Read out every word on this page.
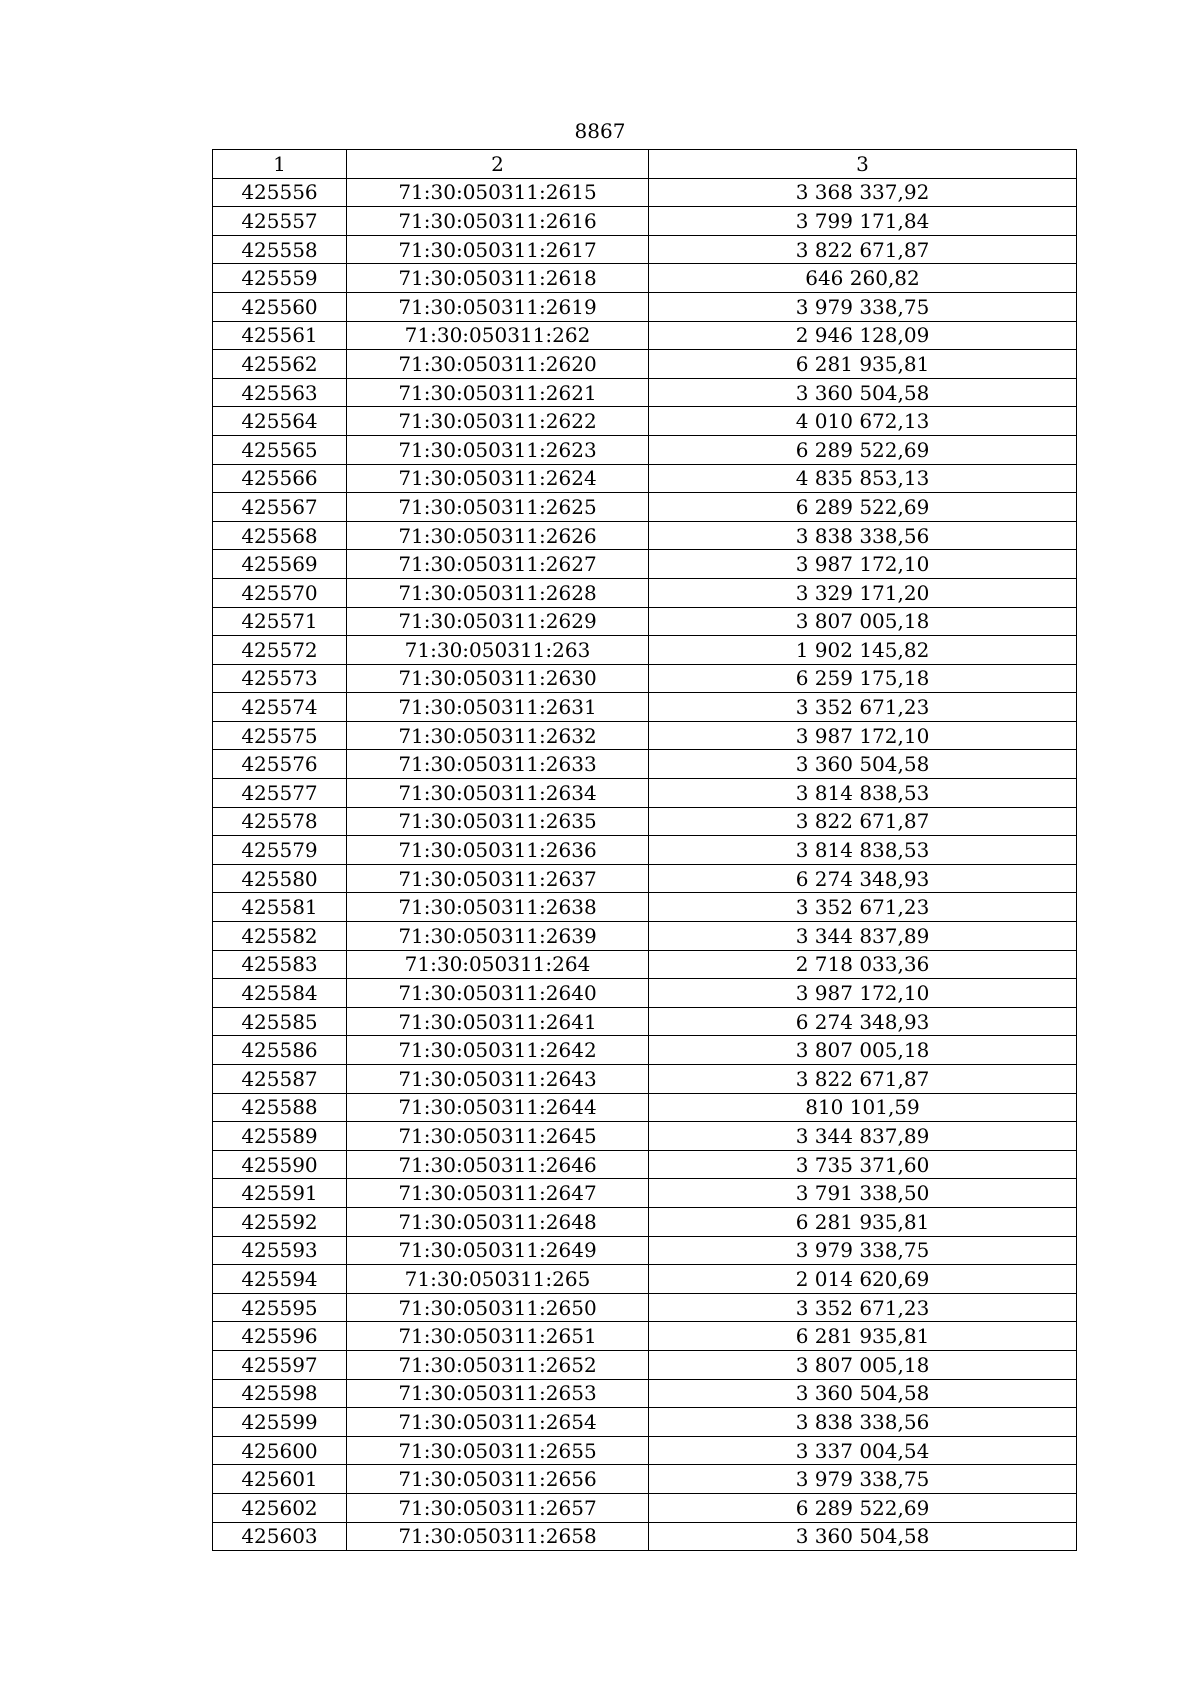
8867
1	2	3
425556	71:30:050311:2615	3 368 337,92
425557	71:30:050311:2616	3 799 171,84
425558	71:30:050311:2617	3 822 671,87
425559	71:30:050311:2618	646 260,82
425560	71:30:050311:2619	3 979 338,75
425561	71:30:050311:262	2 946 128,09
425562	71:30:050311:2620	6 281 935,81
425563	71:30:050311:2621	3 360 504,58
425564	71:30:050311:2622	4 010 672,13
425565	71:30:050311:2623	6 289 522,69
425566	71:30:050311:2624	4 835 853,13
425567	71:30:050311:2625	6 289 522,69
425568	71:30:050311:2626	3 838 338,56
425569	71:30:050311:2627	3 987 172,10
425570	71:30:050311:2628	3 329 171,20
425571	71:30:050311:2629	3 807 005,18
425572	71:30:050311:263	1 902 145,82
425573	71:30:050311:2630	6 259 175,18
425574	71:30:050311:2631	3 352 671,23
425575	71:30:050311:2632	3 987 172,10
425576	71:30:050311:2633	3 360 504,58
425577	71:30:050311:2634	3 814 838,53
425578	71:30:050311:2635	3 822 671,87
425579	71:30:050311:2636	3 814 838,53
425580	71:30:050311:2637	6 274 348,93
425581	71:30:050311:2638	3 352 671,23
425582	71:30:050311:2639	3 344 837,89
425583	71:30:050311:264	2 718 033,36
425584	71:30:050311:2640	3 987 172,10
425585	71:30:050311:2641	6 274 348,93
425586	71:30:050311:2642	3 807 005,18
425587	71:30:050311:2643	3 822 671,87
425588	71:30:050311:2644	810 101,59
425589	71:30:050311:2645	3 344 837,89
425590	71:30:050311:2646	3 735 371,60
425591	71:30:050311:2647	3 791 338,50
425592	71:30:050311:2648	6 281 935,81
425593	71:30:050311:2649	3 979 338,75
425594	71:30:050311:265	2 014 620,69
425595	71:30:050311:2650	3 352 671,23
425596	71:30:050311:2651	6 281 935,81
425597	71:30:050311:2652	3 807 005,18
425598	71:30:050311:2653	3 360 504,58
425599	71:30:050311:2654	3 838 338,56
425600	71:30:050311:2655	3 337 004,54
425601	71:30:050311:2656	3 979 338,75
425602	71:30:050311:2657	6 289 522,69
425603	71:30:050311:2658	3 360 504,58
